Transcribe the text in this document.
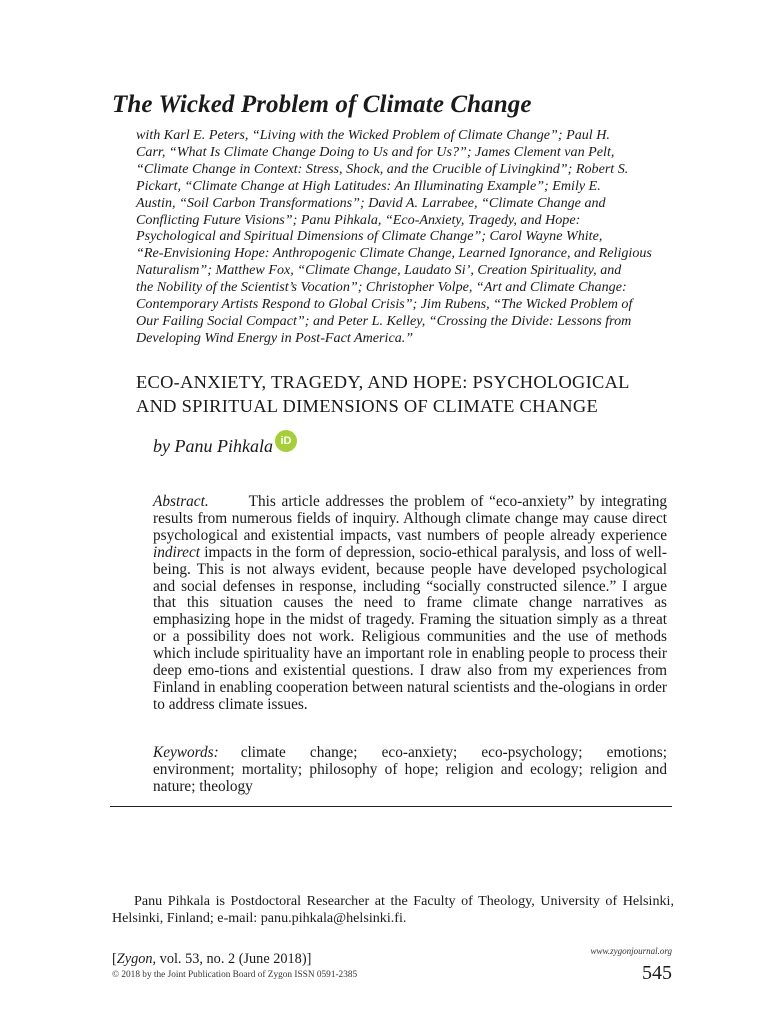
The Wicked Problem of Climate Change
with Karl E. Peters, “Living with the Wicked Problem of Climate Change”; Paul H.
Carr, “What Is Climate Change Doing to Us and for Us?”; James Clement van Pelt,
“Climate Change in Context: Stress, Shock, and the Crucible of Livingkind”; Robert S.
Pickart, “Climate Change at High Latitudes: An Illuminating Example”; Emily E.
Austin, “Soil Carbon Transformations”; David A. Larrabee, “Climate Change and
Conflicting Future Visions”; Panu Pihkala, “Eco-Anxiety, Tragedy, and Hope:
Psychological and Spiritual Dimensions of Climate Change”; Carol Wayne White,
“Re-Envisioning Hope: Anthropogenic Climate Change, Learned Ignorance, and Religious
Naturalism”; Matthew Fox, “Climate Change, Laudato Si’, Creation Spirituality, and
the Nobility of the Scientist’s Vocation”; Christopher Volpe, “Art and Climate Change:
Contemporary Artists Respond to Global Crisis”; Jim Rubens, “The Wicked Problem of
Our Failing Social Compact”; and Peter L. Kelley, “Crossing the Divide: Lessons from
Developing Wind Energy in Post-Fact America.”
ECO-ANXIETY, TRAGEDY, AND HOPE: PSYCHOLOGICAL
AND SPIRITUAL DIMENSIONS OF CLIMATE CHANGE
by Panu Pihkala iD
Abstract.	This article addresses the problem of “eco-anxiety” by integrating results from numerous fields of inquiry. Although climate change may cause direct psychological and existential impacts, vast numbers of people already experience indirect impacts in the form of depression, socio-ethical paralysis, and loss of well-being. This is not always evident, because people have developed psychological and social defenses in response, including “socially constructed silence.” I argue that this situation causes the need to frame climate change narratives as emphasizing hope in the midst of tragedy. Framing the situation simply as a threat or a possibility does not work. Religious communities and the use of methods which include spirituality have an important role in enabling people to process their deep emo-tions and existential questions. I draw also from my experiences from Finland in enabling cooperation between natural scientists and the-ologians in order to address climate issues.
Keywords: climate change; eco-anxiety; eco-psychology; emotions; environment; mortality; philosophy of hope; religion and ecology; religion and nature; theology
Panu Pihkala is Postdoctoral Researcher at the Faculty of Theology, University of Helsinki, Helsinki, Finland; e-mail: panu.pihkala@helsinki.fi.
www.zygonjournal.org
[Zygon, vol. 53, no. 2 (June 2018)]
© 2018 by the Joint Publication Board of Zygon ISSN 0591-2385	545
